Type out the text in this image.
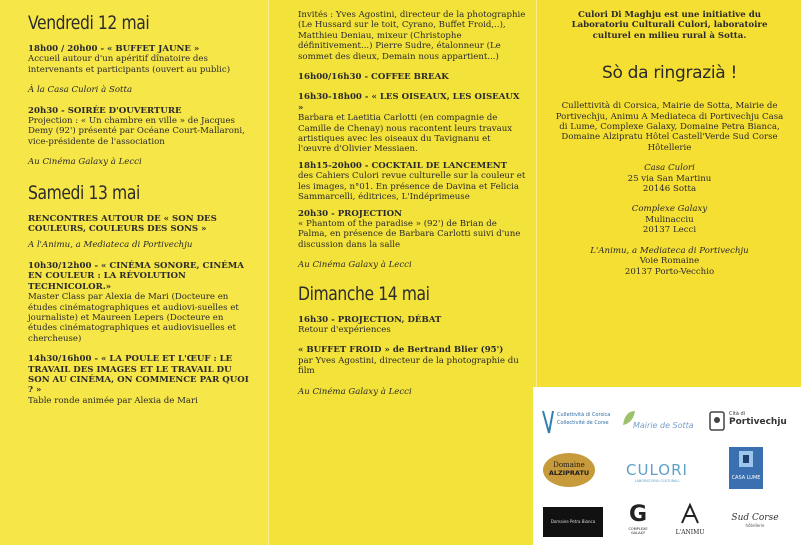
Vendredi 12 mai
18h00 / 20h00 - « BUFFET JAUNE »
Accueil autour d'un apéritif dînatoire des intervenants et participants (ouvert au public)
À la Casa Culori à Sotta
20h30 - SOIRÉE D'OUVERTURE
Projection : « Un chambre en ville » de Jacques Demy (92') présenté par Océane Court-Mallaroni, vice-présidente de l'association
Au Cinéma Galaxy à Lecci
Samedi 13 mai
RENCONTRES AUTOUR DE « SON DES COULEURS, COULEURS DES SONS »
A l'Animu, a Mediateca di Portivechju
10h30/12h00 - « CINÉMA SONORE, CINÉMA EN COULEUR : LA RÉVOLUTION TECHNICOLOR.»
Master Class par Alexia de Mari (Docteure en études cinématographiques et audiovi-suelles et journaliste) et Maureen Lepers (Docteure en études cinématographiques et audiovisuelles et chercheuse)
14h30/16h00 - « LA POULE ET L'ŒUF : LE TRAVAIL DES IMAGES ET LE TRAVAIL DU SON AU CINÉMA, ON COMMENCE PAR QUOI ? »
Table ronde animée par Alexia de Mari
Invités : Yves Agostini, directeur de la photographie (Le Hussard sur le toit, Cyrano, Buffet Froid,..), Matthieu Deniau, mixeur (Christophe définitivement...) Pierre Sudre, étalonneur (Le sommet des dieux, Demain nous appartient...)
16h00/16h30 - COFFEE BREAK
16h30-18h00 - « LES OISEAUX, LES OISEAUX »
Barbara et Laetitia Carlotti (en compagnie de Camille de Chenay) nous racontent leurs travaux artistiques avec les oiseaux du Tavignanu et l'œuvre d'Olivier Messiaen.
18h15-20h00 - COCKTAIL DE LANCEMENT
des Cahiers Culori revue culturelle sur la couleur et les images, n°01. En présence de Davina et Felicia Sammarcelli, éditrices, L'Indéprimeuse
20h30 - PROJECTION
« Phantom of the paradise » (92') de Brian de Palma, en présence de Barbara Carlotti suivi d'une discussion dans la salle
Au Cinéma Galaxy à Lecci
Dimanche 14 mai
16h30 - PROJECTION, DÉBAT
Retour d'expériences
« BUFFET FROID » de Bertrand Blier (95')
par Yves Agostini, directeur de la photographie du film
Au Cinéma Galaxy à Lecci
Culori Di Maghju est une initiative du Laboratoriu Culturali Culori, laboratoire culturel en milieu rural à Sotta.
Sò da ringrazià !
Cullettività di Corsica, Mairie de Sotta, Mairie de Portivechju, Animu A Mediateca di Portivechju Casa di Lume, Complexe Galaxy, Domaine Petra Bianca, Domaine Alzipratu Hôtel Castell'Verde Sud Corse Hôtellerie
Casa Culori
25 via San Martinu
20146 Sotta
Complexe Galaxy
Mulinacciu
20137 Lecci
L'Animu, a Mediateca di Portivechju
Voie Romaine
20137 Porto-Vecchio
Cullettività di Corsica
Collectivité de Corse	Mairie de Sotta
Cità di
Portivechju
Domaine
ALZIPRATU	CULORI
LABORATORIU CULTURALI	CASA LUME
Domaine Petra Bianca	G
COMPLEXE GALAXY	L'ANIMU
Sud Corse
hôtellerie
